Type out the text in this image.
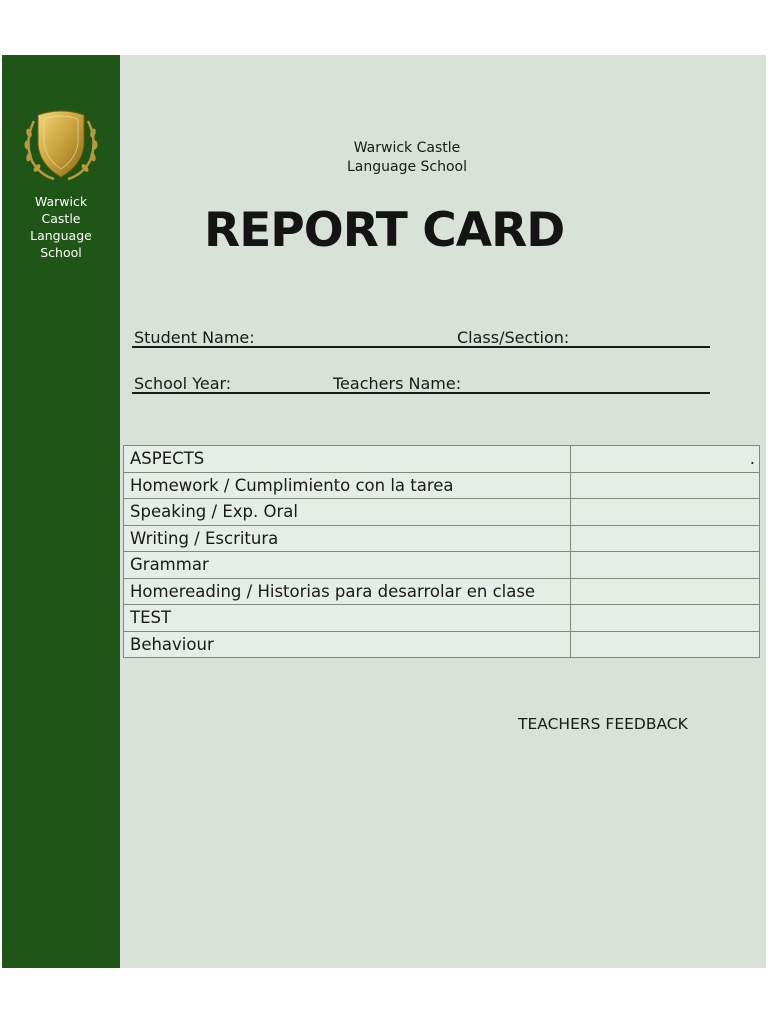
Warwick
Castle
Language
School
Warwick Castle
Language School
REPORT CARD
Student Name:	Class/Section:
School Year:	Teachers Name:
ASPECTS	.
Homework / Cumplimiento con la tarea	
Speaking / Exp. Oral	
Writing / Escritura	
Grammar	
Homereading / Historias para desarrolar en clase	
TEST	
Behaviour	
TEACHERS FEEDBACK
